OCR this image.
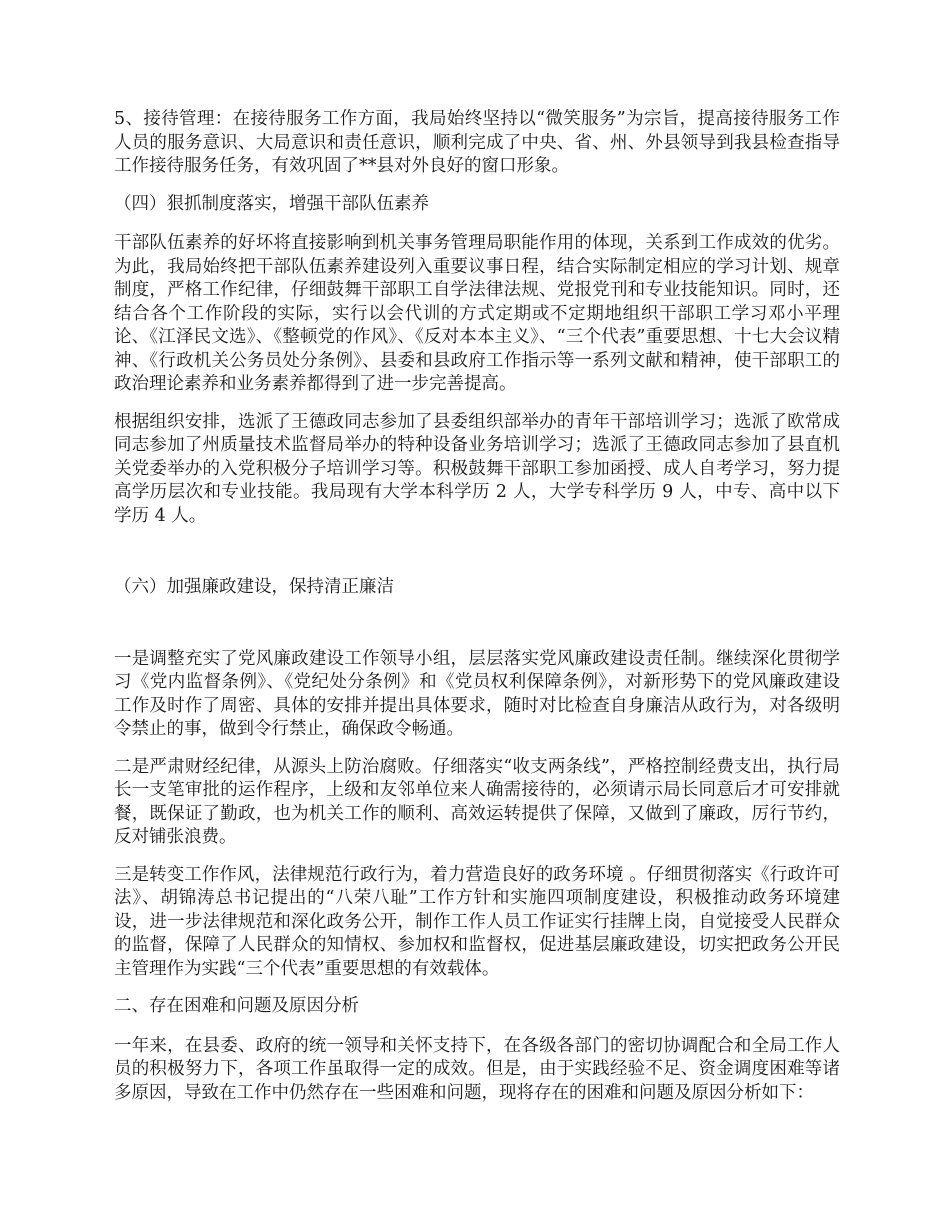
5、接待管理：在接待服务工作方面，我局始终坚持以“微笑服务”为宗旨，提高接待服务工作人员的服务意识、大局意识和责任意识，顺利完成了中央、省、州、外县领导到我县检查指导工作接待服务任务，有效巩固了**县对外良好的窗口形象。

（四）狠抓制度落实，增强干部队伍素养

干部队伍素养的好坏将直接影响到机关事务管理局职能作用的体现，关系到工作成效的优劣。为此，我局始终把干部队伍素养建设列入重要议事日程，结合实际制定相应的学习计划、规章制度，严格工作纪律，仔细鼓舞干部职工自学法律法规、党报党刊和专业技能知识。同时，还结合各个工作阶段的实际，实行以会代训的方式定期或不定期地组织干部职工学习邓小平理论、《江泽民文选》、《整顿党的作风》、《反对本本主义》、“三个代表”重要思想、十七大会议精神、《行政机关公务员处分条例》、县委和县政府工作指示等一系列文献和精神，使干部职工的政治理论素养和业务素养都得到了进一步完善提高。

根据组织安排，选派了王德政同志参加了县委组织部举办的青年干部培训学习；选派了欧常成同志参加了州质量技术监督局举办的特种设备业务培训学习；选派了王德政同志参加了县直机关党委举办的入党积极分子培训学习等。积极鼓舞干部职工参加函授、成人自考学习，努力提高学历层次和专业技能。我局现有大学本科学历 2 人，大学专科学历 9 人，中专、高中以下学历 4 人。

（六）加强廉政建设，保持清正廉洁

一是调整充实了党风廉政建设工作领导小组，层层落实党风廉政建设责任制。继续深化贯彻学习《党内监督条例》、《党纪处分条例》和《党员权利保障条例》，对新形势下的党风廉政建设工作及时作了周密、具体的安排并提出具体要求，随时对比检查自身廉洁从政行为，对各级明令禁止的事，做到令行禁止，确保政令畅通。

二是严肃财经纪律，从源头上防治腐败。仔细落实“收支两条线”，严格控制经费支出，执行局长一支笔审批的运作程序，上级和友邻单位来人确需接待的，必须请示局长同意后才可安排就餐，既保证了勤政，也为机关工作的顺利、高效运转提供了保障，又做到了廉政，厉行节约，反对铺张浪费。

三是转变工作作风，法律规范行政行为，着力营造良好的政务环境 。仔细贯彻落实《行政许可法》、胡锦涛总书记提出的“八荣八耻”工作方针和实施四项制度建设，积极推动政务环境建设，进一步法律规范和深化政务公开，制作工作人员工作证实行挂牌上岗，自觉接受人民群众的监督，保障了人民群众的知情权、参加权和监督权，促进基层廉政建设，切实把政务公开民主管理作为实践“三个代表”重要思想的有效载体。

二、存在困难和问题及原因分析

一年来，在县委、政府的统一领导和关怀支持下，在各级各部门的密切协调配合和全局工作人员的积极努力下，各项工作虽取得一定的成效。但是，由于实践经验不足、资金调度困难等诸多原因，导致在工作中仍然存在一些困难和问题，现将存在的困难和问题及原因分析如下：
